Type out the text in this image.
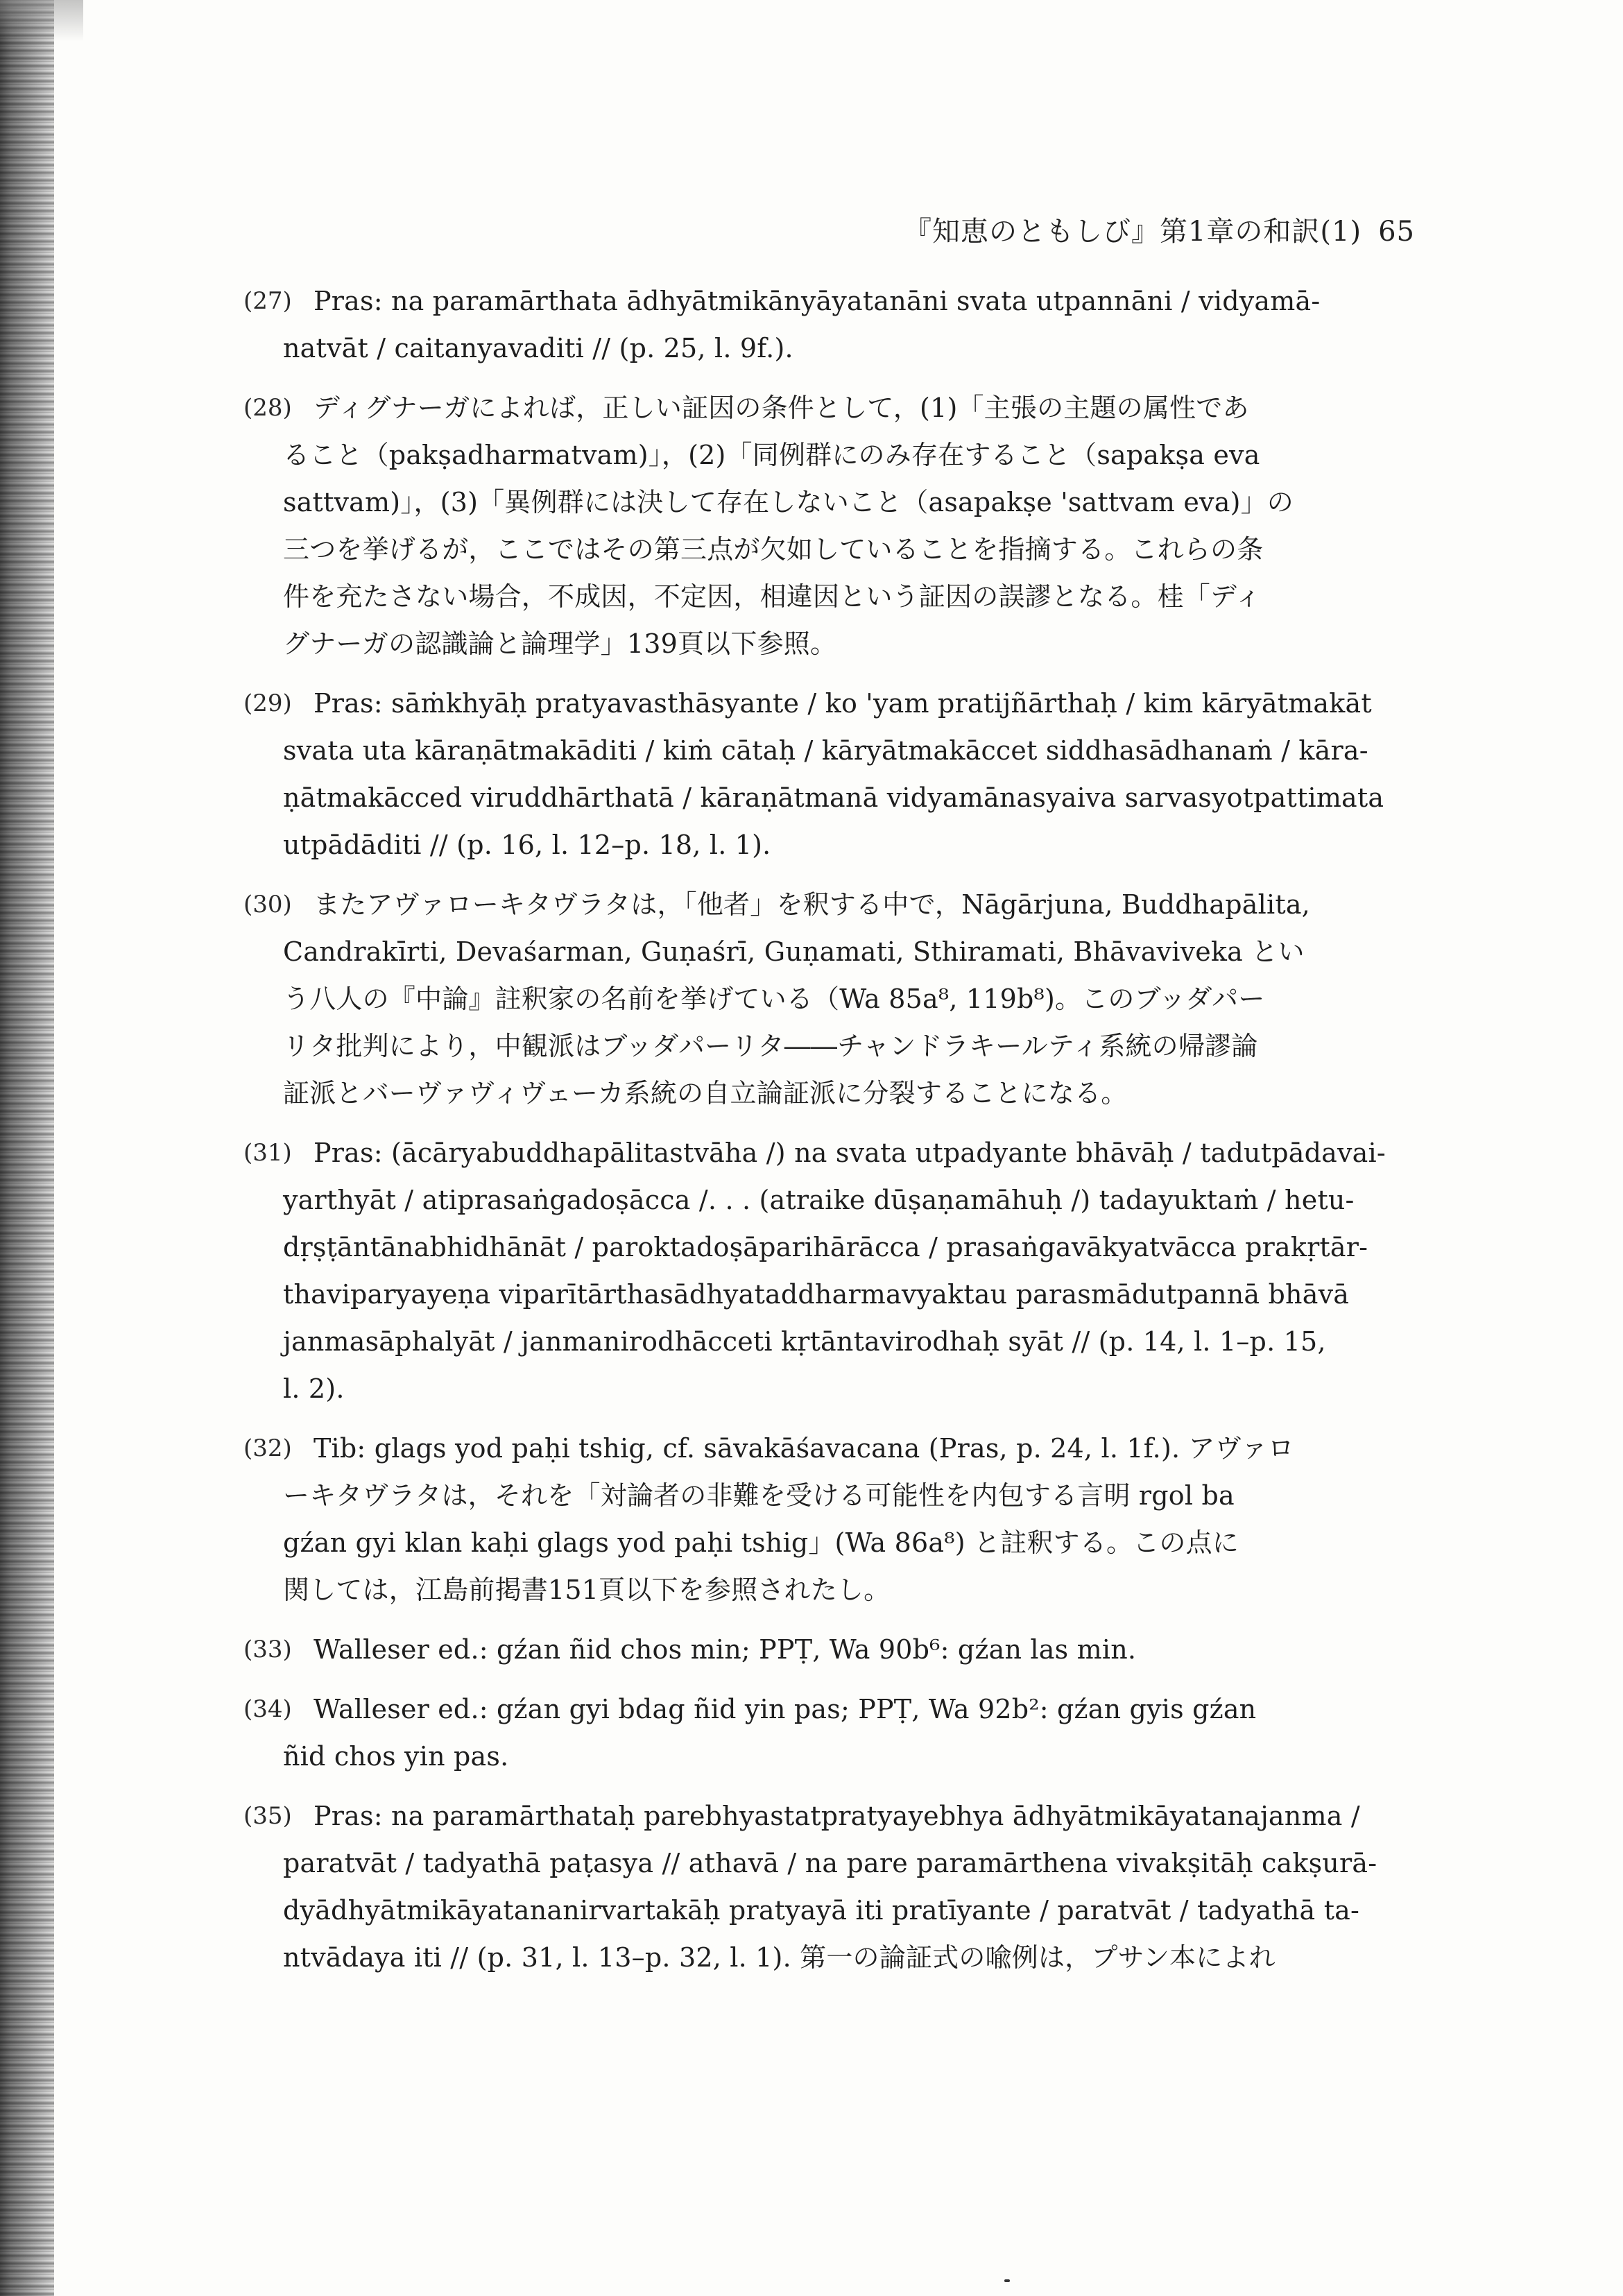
『知恵のともしび』第1章の和訳(1) 65
(27) Pras: na paramārthata ādhyātmikānyāyatanāni svata utpannāni / vidyamā-
natvāt / caitanyavaditi // (p. 25, l. 9f.).
(28) ディグナーガによれば，正しい証因の条件として，(1)「主張の主題の属性であ
ること（pakṣadharmatvam)」，(2)「同例群にのみ存在すること（sapakṣa eva
sattvam)」，(3)「異例群には決して存在しないこと（asapakṣe 'sattvam eva)」の
三つを挙げるが，ここではその第三点が欠如していることを指摘する。これらの条
件を充たさない場合，不成因，不定因，相違因という証因の誤謬となる。桂「ディ
グナーガの認識論と論理学」139頁以下参照。
(29) Pras: sāṁkhyāḥ pratyavasthāsyante / ko 'yam pratijñārthaḥ / kim kāryātmakāt
svata uta kāraṇātmakāditi / kiṁ cātaḥ / kāryātmakāccet siddhasādhanaṁ / kāra-
ṇātmakācced viruddhārthatā / kāraṇātmanā vidyamānasyaiva sarvasyotpattimata
utpādāditi // (p. 16, l. 12–p. 18, l. 1).
(30) またアヴァローキタヴラタは，「他者」を釈する中で，Nāgārjuna, Buddhapālita,
Candrakīrti, Devaśarman, Guṇaśrī, Guṇamati, Sthiramati, Bhāvaviveka とい
う八人の『中論』註釈家の名前を挙げている（Wa 85a⁸, 119b⁸)。このブッダパー
リタ批判により，中観派はブッダパーリタ――チャンドラキールティ系統の帰謬論
証派とバーヴァヴィヴェーカ系統の自立論証派に分裂することになる。
(31) Pras: (ācāryabuddhapālitastvāha /) na svata utpadyante bhāvāḥ / tadutpādavai-
yarthyāt / atiprasaṅgadoṣācca /. . . (atraike dūṣaṇamāhuḥ /) tadayuktaṁ / hetu-
dṛṣṭāntānabhidhānāt / paroktadoṣāparihārācca / prasaṅgavākyatvācca prakṛtār-
thaviparyayeṇa viparītārthasādhyataddharmavyaktau parasmādutpannā bhāvā
janmasāphalyāt / janmanirodhācceti kṛtāntavirodhaḥ syāt // (p. 14, l. 1–p. 15,
l. 2).
(32) Tib: glags yod paḥi tshig, cf. sāvakāśavacana (Pras, p. 24, l. 1f.). アヴァロ
ーキタヴラタは，それを「対論者の非難を受ける可能性を内包する言明 rgol ba
gźan gyi klan kaḥi glags yod paḥi tshig」(Wa 86a⁸) と註釈する。この点に
関しては，江島前掲書151頁以下を参照されたし。
(33) Walleser ed.: gźan ñid chos min; PPṬ, Wa 90b⁶: gźan las min.
(34) Walleser ed.: gźan gyi bdag ñid yin pas; PPṬ, Wa 92b²: gźan gyis gźan
ñid chos yin pas.
(35) Pras: na paramārthataḥ parebhyastatpratyayebhya ādhyātmikāyatanajanma /
paratvāt / tadyathā paṭasya // athavā / na pare paramārthena vivakṣitāḥ cakṣurā-
dyādhyātmikāyatananirvartakāḥ pratyayā iti pratīyante / paratvāt / tadyathā ta-
ntvādaya iti // (p. 31, l. 13–p. 32, l. 1). 第一の論証式の喩例は，プサン本によれ
